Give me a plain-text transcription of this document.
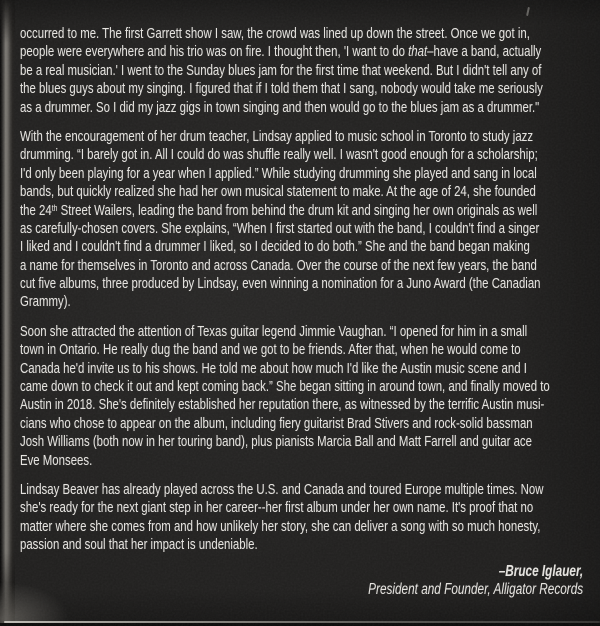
occurred to me. The first Garrett show I saw, the crowd was lined up down the street. Once we got in,
people were everywhere and his trio was on fire. I thought then, 'I want to do that–have a band, actually
be a real musician.' I went to the Sunday blues jam for the first time that weekend. But I didn't tell any of
the blues guys about my singing. I figured that if I told them that I sang, nobody would take me seriously
as a drummer. So I did my jazz gigs in town singing and then would go to the blues jam as a drummer."
With the encouragement of her drum teacher, Lindsay applied to music school in Toronto to study jazz
drumming. “I barely got in. All I could do was shuffle really well. I wasn't good enough for a scholarship;
I'd only been playing for a year when I applied.” While studying drumming she played and sang in local
bands, but quickly realized she had her own musical statement to make. At the age of 24, she founded
the 24th Street Wailers, leading the band from behind the drum kit and singing her own originals as well
as carefully-chosen covers. She explains, “When I first started out with the band, I couldn't find a singer
I liked and I couldn't find a drummer I liked, so I decided to do both.” She and the band began making
a name for themselves in Toronto and across Canada. Over the course of the next few years, the band
cut five albums, three produced by Lindsay, even winning a nomination for a Juno Award (the Canadian
Grammy).
Soon she attracted the attention of Texas guitar legend Jimmie Vaughan. “I opened for him in a small
town in Ontario. He really dug the band and we got to be friends. After that, when he would come to
Canada he'd invite us to his shows. He told me about how much I'd like the Austin music scene and I
came down to check it out and kept coming back.” She began sitting in around town, and finally moved to
Austin in 2018. She's definitely established her reputation there, as witnessed by the terrific Austin musi-
cians who chose to appear on the album, including fiery guitarist Brad Stivers and rock-solid bassman
Josh Williams (both now in her touring band), plus pianists Marcia Ball and Matt Farrell and guitar ace
Eve Monsees.
Lindsay Beaver has already played across the U.S. and Canada and toured Europe multiple times. Now
she's ready for the next giant step in her career--her first album under her own name. It's proof that no
matter where she comes from and how unlikely her story, she can deliver a song with so much honesty,
passion and soul that her impact is undeniable.
–Bruce Iglauer,
President and Founder, Alligator Records
